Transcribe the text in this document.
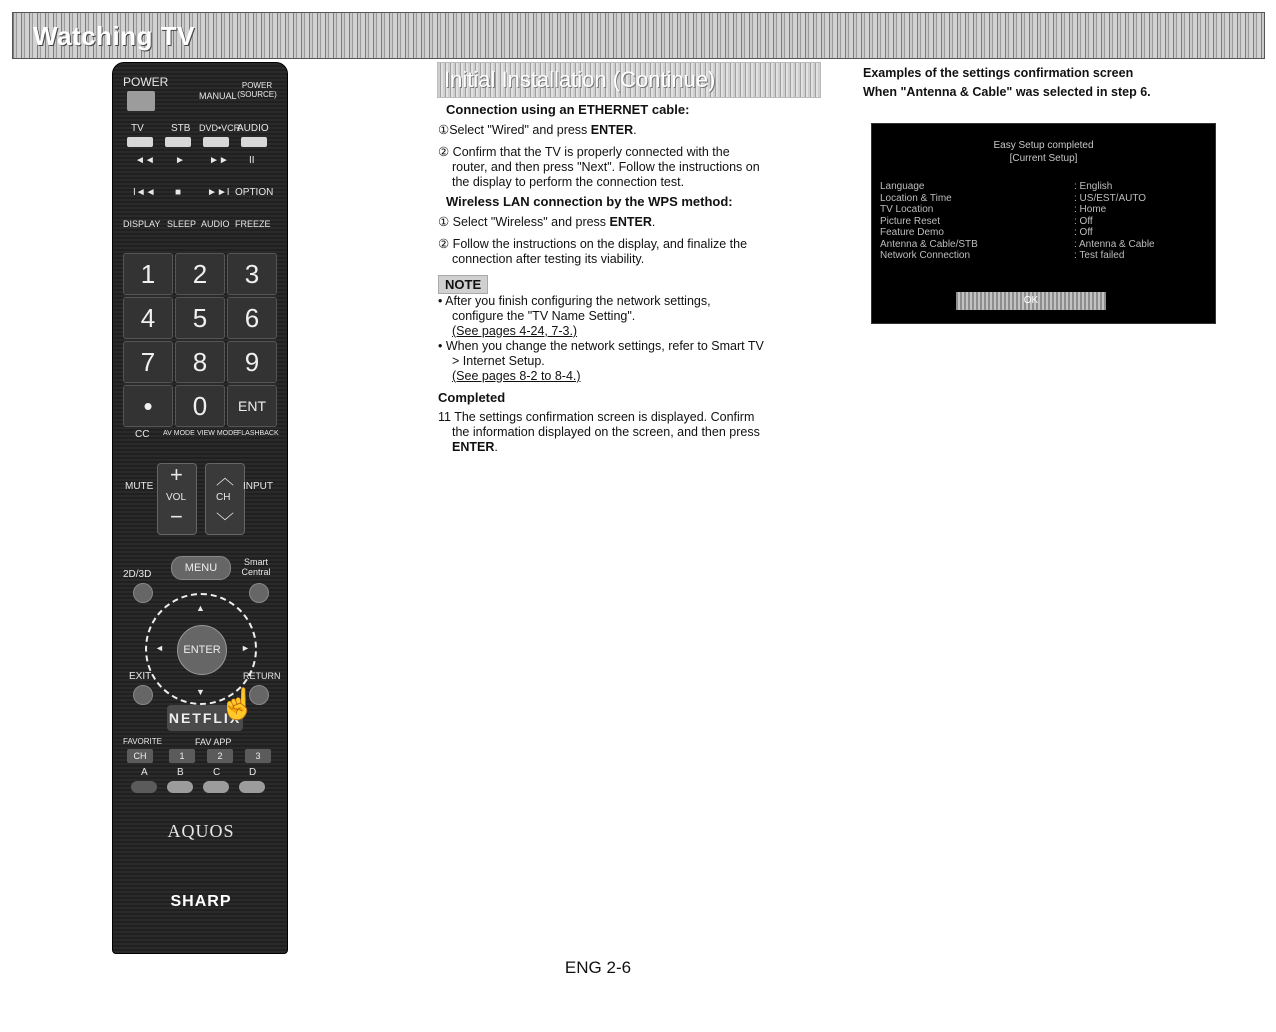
Watching TV
POWER
MANUAL
POWER (SOURCE)
TV	STB DVD•VCR
AUDIO
◄◄ ► ►► II
I◄◄ ■	►►I OPTION
DISPLAY SLEEP AUDIO FREEZE
1	2	3
4	5	6
7	8	9
•	0	ENT
CC AV MODE VIEW MODE FLASHBACK
MUTE +
VOL
−
︿
CH
﹀
INPUT
2D/3D
MENU	Smart Central
▲
▼
◄	►
ENTER
EXIT	RETURN
NETFLIX
☝
FAVORITE	FAV APP
CH	1	2	3
A	B	C	D
AQUOS
SHARP
Initial Installation (Continue)

Connection using an ETHERNET cable:

①Select "Wired" and press ENTER.

② Confirm that the TV is properly connected with the
router, and then press "Next". Follow the instructions on
the display to perform the connection test.

Wireless LAN connection by the WPS method:

① Select "Wireless" and press ENTER.

② Follow the instructions on the display, and finalize the
connection after testing its viability.

NOTE

• After you finish configuring the network settings,
configure the "TV Name Setting".
(See pages 4-24, 7-3.)

• When you change the network settings, refer to Smart TV
> Internet Setup.
(See pages 8-2 to 8-4.)

Completed

11 The settings confirmation screen is displayed. Confirm
the information displayed on the screen, and then press
ENTER.

Examples of the settings confirmation screen
When "Antenna & Cable" was selected in step 6.
Easy Setup completed
[Current Setup]
Language	: English
Location & Time	: US/EST/AUTO
TV Location	: Home
Picture Reset	: Off
Feature Demo	: Off
Antenna & Cable/STB	: Antenna & Cable
Network Connection	: Test failed
OK
ENG 2-6
